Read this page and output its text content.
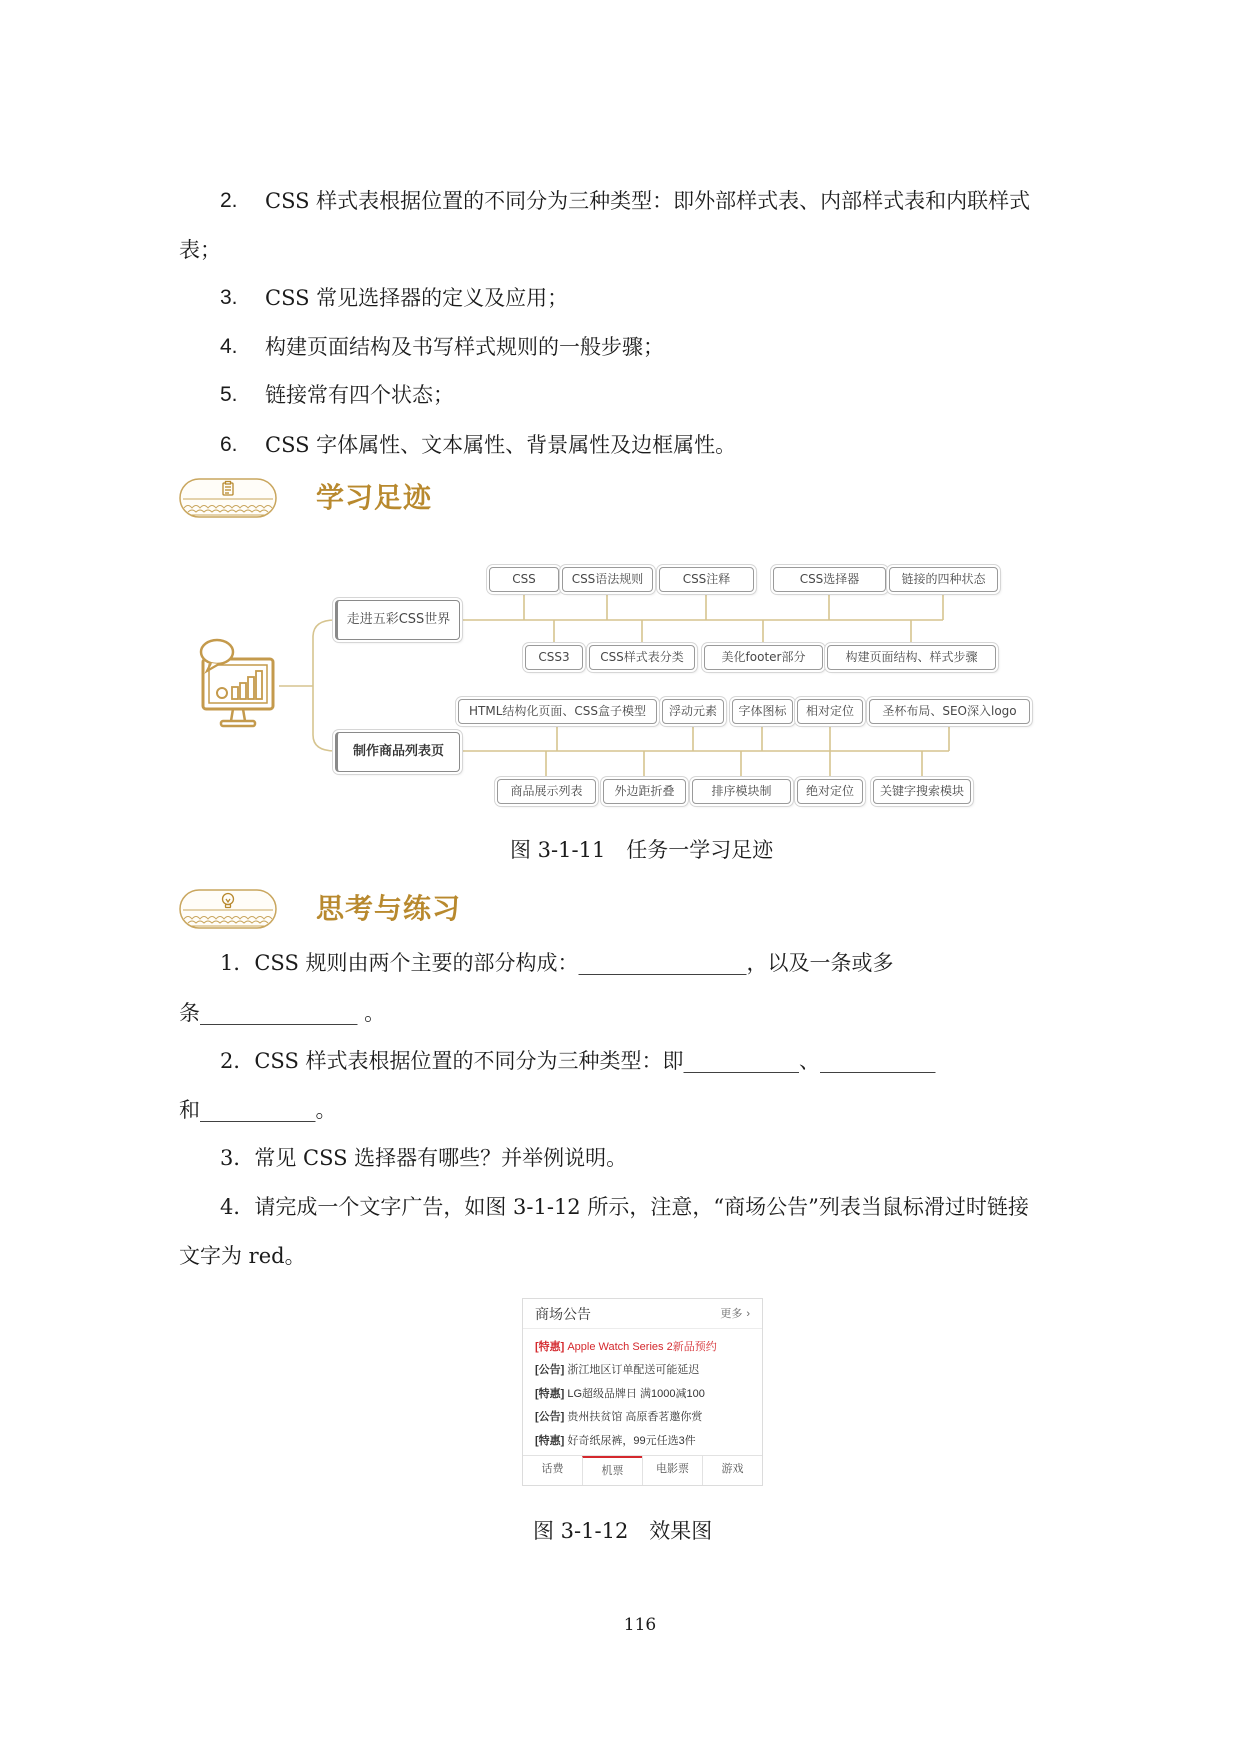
2. CSS 样式表根据位置的不同分为三种类型：即外部样式表、内部样式表和内联样式
表；
3. CSS 常见选择器的定义及应用；
4. 构建页面结构及书写样式规则的一般步骤；
5. 链接常有四个状态；
6. CSS 字体属性、文本属性、背景属性及边框属性。
学习足迹
走进五彩CSS世界
CSS	CSS语法规则	CSS注释	CSS选择器	链接的四种状态
CSS3	CSS样式表分类	美化footer部分	构建页面结构、样式步骤
制作商品列表页
HTML结构化页面、CSS盒子模型	浮动元素	字体图标	相对定位	圣杯布局、SEO深入logo
商品展示列表	外边距折叠	排序模块制	绝对定位	关键字搜索模块
图 3-1-11　任务一学习足迹
思考与练习
1．CSS 规则由两个主要的部分构成：________________，以及一条或多
条_______________ 。
2．CSS 样式表根据位置的不同分为三种类型：即___________、___________
和___________。
3．常见 CSS 选择器有哪些？并举例说明。
4．请完成一个文字广告，如图 3-1-12 所示，注意，“商场公告”列表当鼠标滑过时链接
文字为 red。
商场公告	更多 ›
[特惠] Apple Watch Series 2新品预约
[公告] 浙江地区订单配送可能延迟
[特惠] LG超级品牌日 满1000减100
[公告] 贵州扶贫馆 高原香茗邀你赏
[特惠] 好奇纸尿裤，99元任选3件
话费	机票	电影票	游戏
图 3-1-12　效果图
116
